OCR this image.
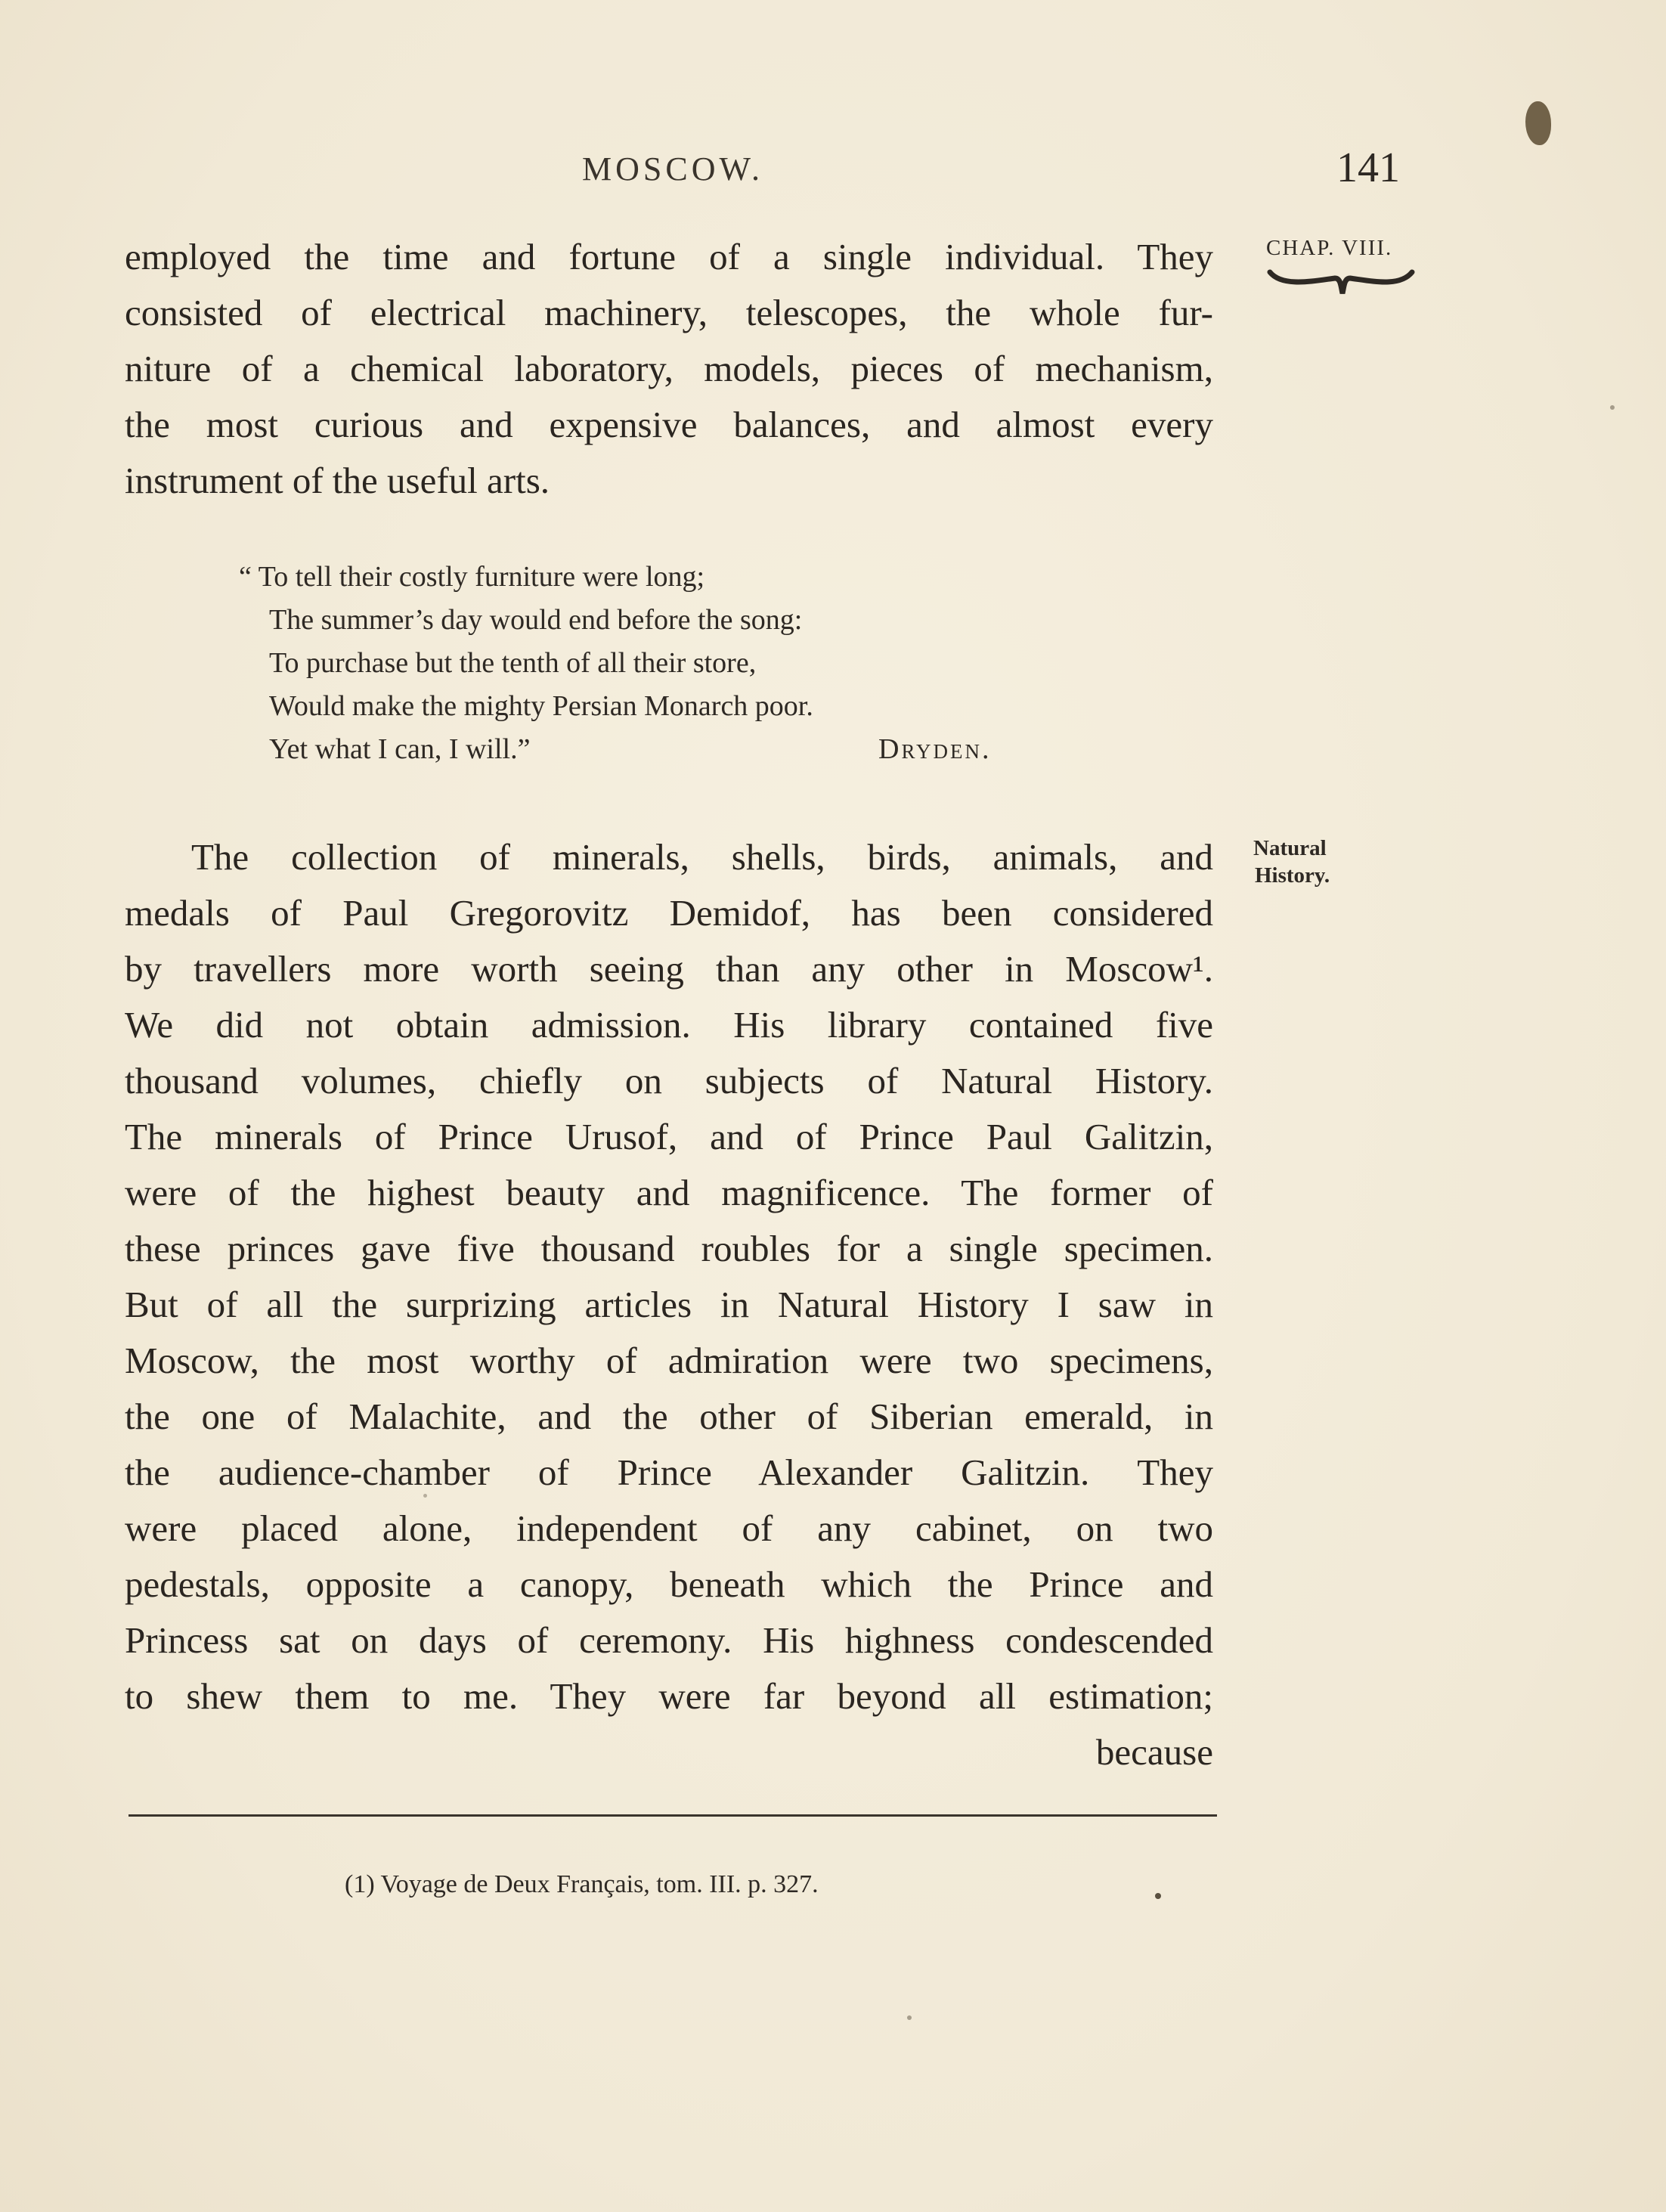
MOSCOW.	141
CHAP. VIII.
employed the time and fortune of a single individual. They
consisted of electrical machinery, telescopes, the whole fur-
niture of a chemical laboratory, models, pieces of mechanism,
the most curious and expensive balances, and almost every
instrument of the useful arts.
“ To tell their costly furniture were long;
The summer’s day would end before the song:
To purchase but the tenth of all their store,
Would make the mighty Persian Monarch poor.
Yet what I can, I will.”	Dryden.
Natural
History.
The collection of minerals, shells, birds, animals, and
medals of Paul Gregorovitz Demidof, has been considered
by travellers more worth seeing than any other in Moscow¹.
We did not obtain admission. His library contained five
thousand volumes, chiefly on subjects of Natural History.
The minerals of Prince Urusof, and of Prince Paul Galitzin,
were of the highest beauty and magnificence. The former of
these princes gave five thousand roubles for a single specimen.
But of all the surprizing articles in Natural History I saw in
Moscow, the most worthy of admiration were two specimens,
the one of Malachite, and the other of Siberian emerald, in
the audience-chamber of Prince Alexander Galitzin. They
were placed alone, independent of any cabinet, on two
pedestals, opposite a canopy, beneath which the Prince and
Princess sat on days of ceremony. His highness condescended
to shew them to me. They were far beyond all estimation;
because
(1) Voyage de Deux Français, tom. III. p. 327.
